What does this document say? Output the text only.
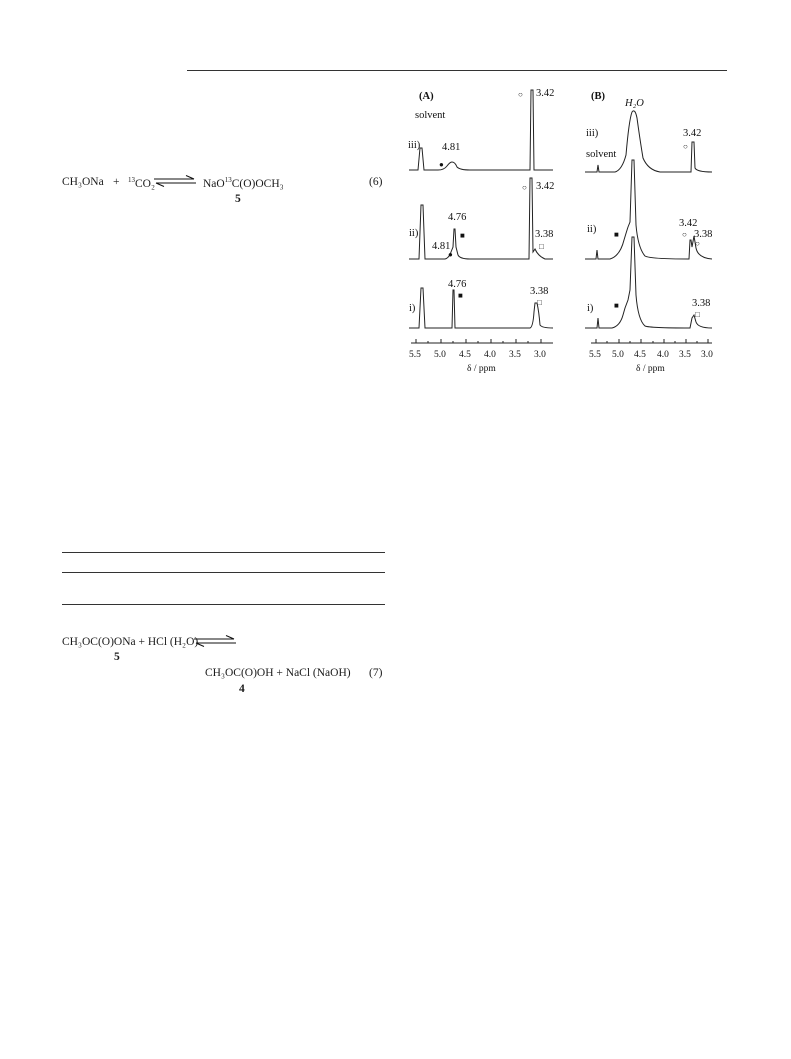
CH₃ONa + $^{13}$CO₂ ⇌ NaO$^{13}$C(O)OCH₃
5
(6)
CH₃OC(O)ONa + HCl (H₂O)
5
CH₃OC(O)OH + NaCl (NaOH)
4
(7)
(A)
solvent
iii)
ii)
i)
4.81
3.42
3.42
4.76
4.81
3.38
4.76
3.38
●
○
○
■
●
□
■
□
5.5 5.0 4.5 4.0 3.5 3.0
δ / ppm
(B)
H₂O
iii)
solvent
ii)
i)
3.42
3.42
3.38
3.38
○
■	○
○
■
□
5.5 5.0 4.5 4.0 3.5 3.0
δ / ppm
